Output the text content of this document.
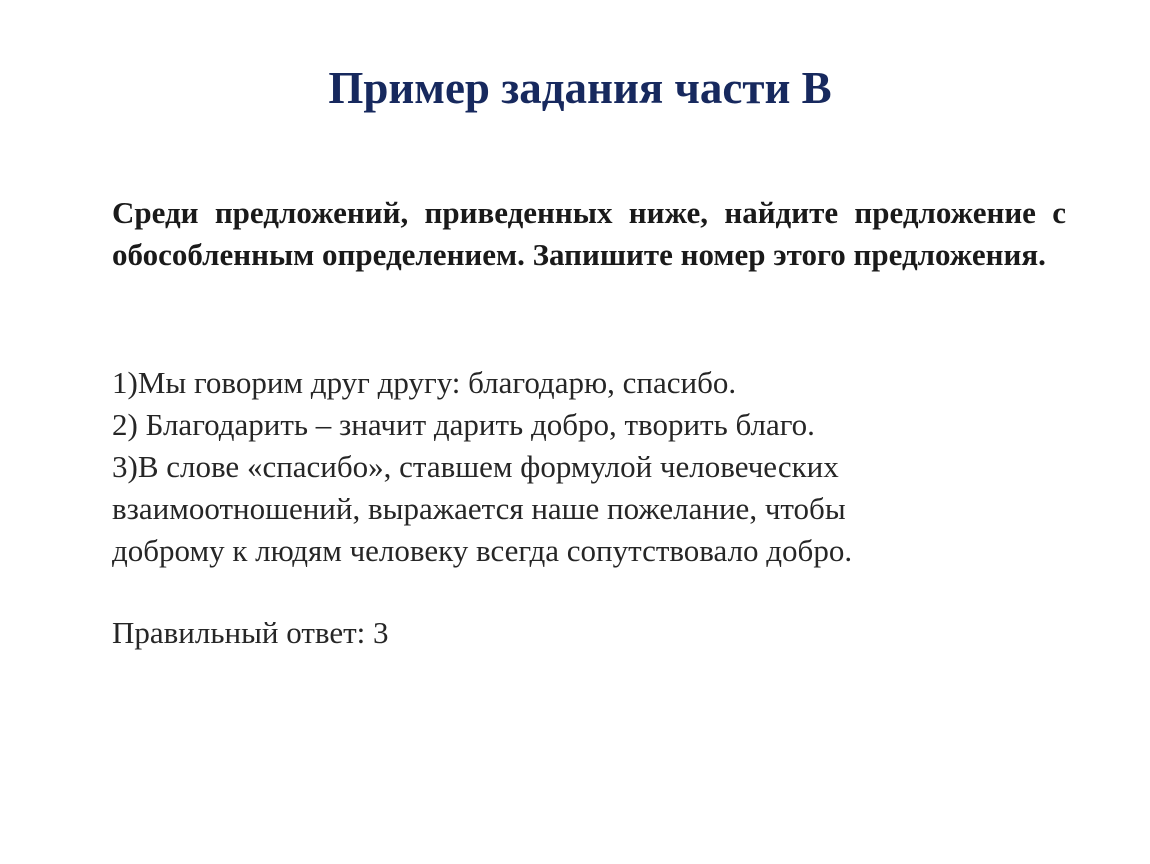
Пример задания части В
Среди предложений, приведенных ниже, найдите предложение с обособленным определением. Запишите номер этого предложения.
1)Мы говорим друг другу: благодарю, спасибо.
2) Благодарить – значит дарить добро, творить благо.
3)В слове «спасибо», ставшем формулой человеческих
взаимоотношений, выражается наше пожелание, чтобы
доброму к людям человеку всегда сопутствовало добро.
Правильный ответ: 3
